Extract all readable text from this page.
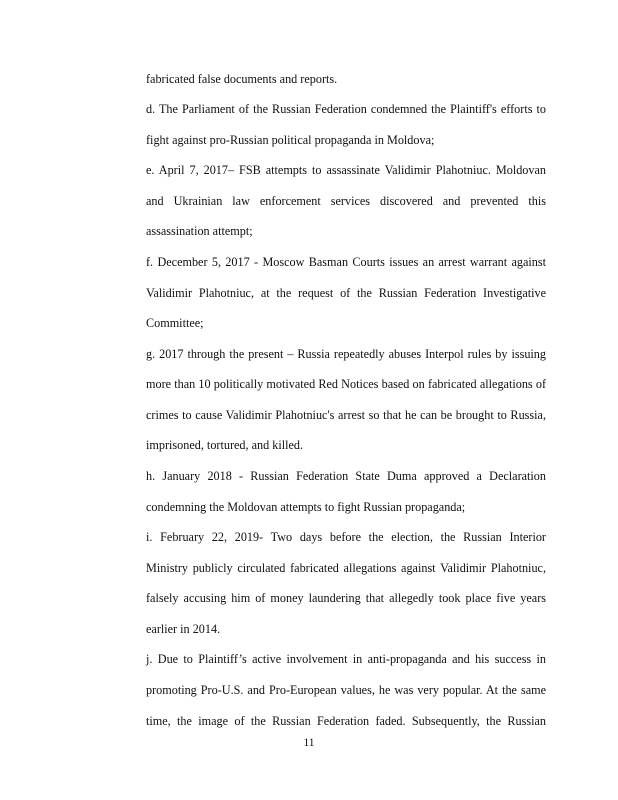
fabricated false documents and reports.
d. The Parliament of the Russian Federation condemned the Plaintiff's efforts to
fight against pro-Russian political propaganda in Moldova;
e. April 7, 2017– FSB attempts to assassinate Validimir Plahotniuc. Moldovan
and Ukrainian law enforcement services discovered and prevented this
assassination attempt;
f. December 5, 2017 - Moscow Basman Courts issues an arrest warrant against
Validimir Plahotniuc, at the request of the Russian Federation Investigative
Committee;
g. 2017 through the present – Russia repeatedly abuses Interpol rules by issuing
more than 10 politically motivated Red Notices based on fabricated allegations of
crimes to cause Validimir Plahotniuc's arrest so that he can be brought to Russia,
imprisoned, tortured, and killed.
h. January 2018 - Russian Federation State Duma approved a Declaration
condemning the Moldovan attempts to fight Russian propaganda;
i. February 22, 2019- Two days before the election, the Russian Interior
Ministry publicly circulated fabricated allegations against Validimir Plahotniuc,
falsely accusing him of money laundering that allegedly took place five years
earlier in 2014.
j. Due to Plaintiff’s active involvement in anti-propaganda and his success in
promoting Pro-U.S. and Pro-European values, he was very popular. At the same
time, the image of the Russian Federation faded. Subsequently, the Russian
11
